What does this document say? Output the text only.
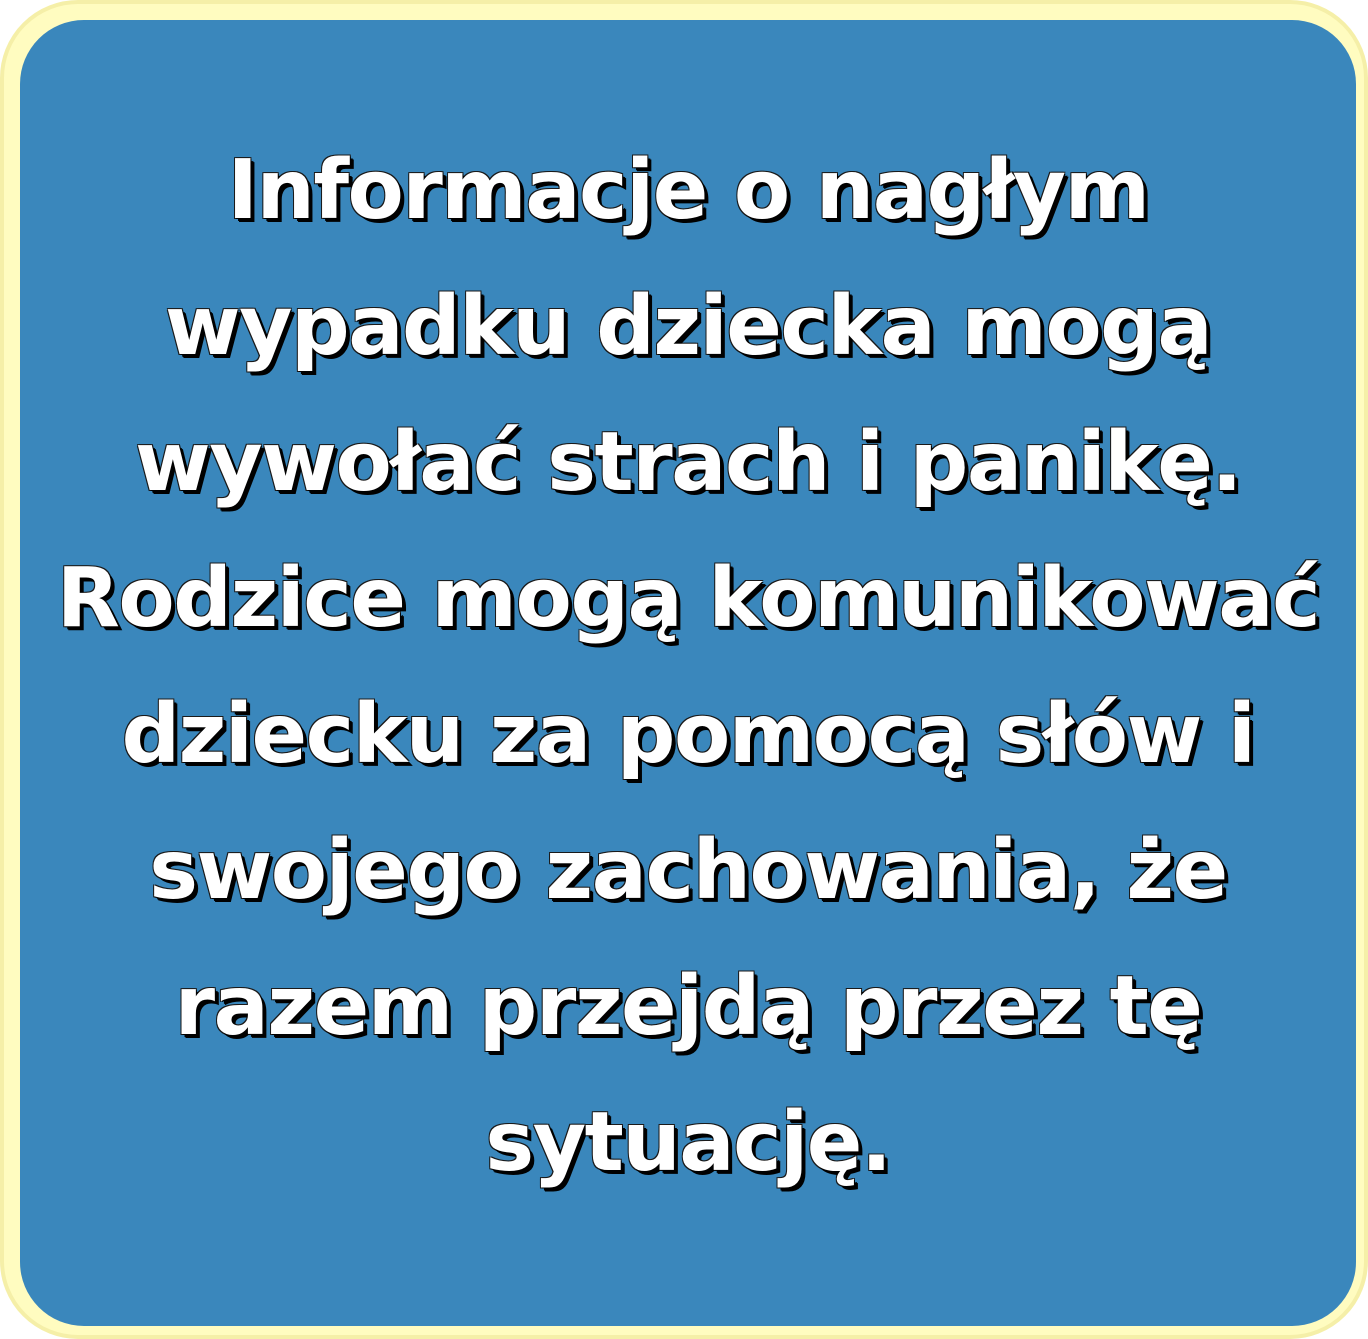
Informacje o nagłym
wypadku dziecka mogą
wywołać strach i panikę.
Rodzice mogą komunikować
dziecku za pomocą słów i
swojego zachowania, że
razem przejdą przez tę
sytuację.
